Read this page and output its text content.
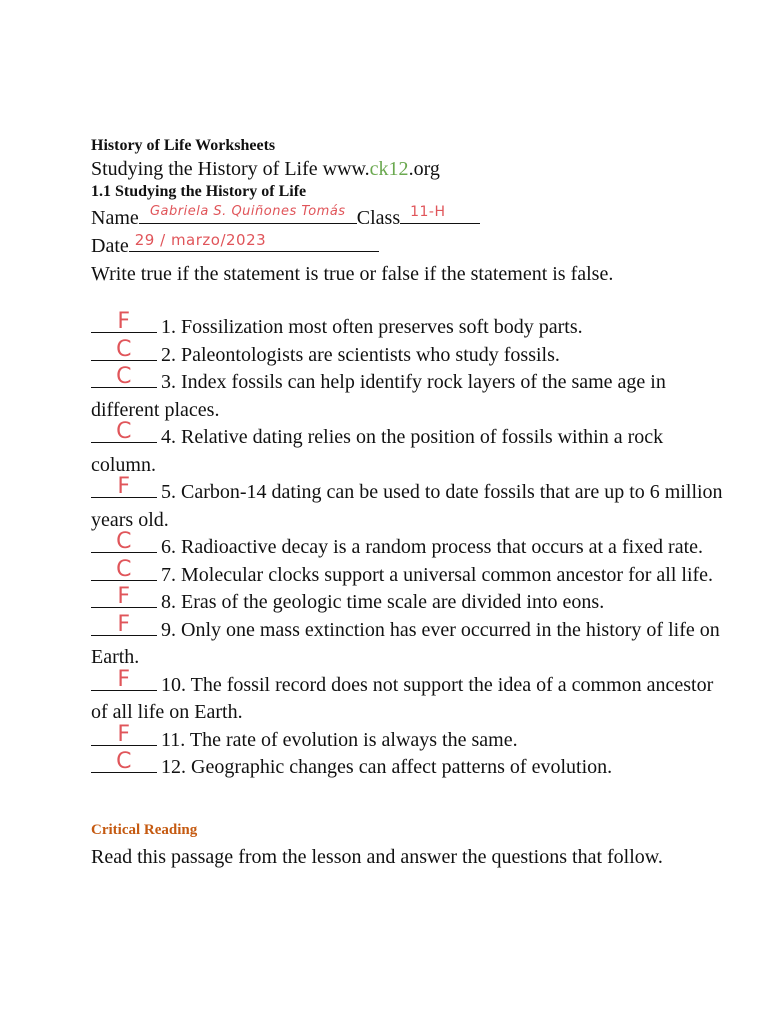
History of Life Worksheets

Studying the History of Life www.ck12.org

1.1 Studying the History of Life

Name Gabriela S. Quiñones Tomás Class 11-H

Date 29 / marzo/2023

Write true if the statement is true or false if the statement is false.

F	1. Fossilization most often preserves soft body parts.

C	2. Paleontologists are scientists who study fossils.

C	3. Index fossils can help identify rock layers of the same age in different places.

C	4. Relative dating relies on the position of fossils within a rock column.

F	5. Carbon-14 dating can be used to date fossils that are up to 6 million years old.

C	6. Radioactive decay is a random process that occurs at a fixed rate.

C	7. Molecular clocks support a universal common ancestor for all life.

F	8. Eras of the geologic time scale are divided into eons.

F	9. Only one mass extinction has ever occurred in the history of life on Earth.

F	10. The fossil record does not support the idea of a common ancestor of all life on Earth.

F	11. The rate of evolution is always the same.

C	12. Geographic changes can affect patterns of evolution.

Critical Reading

Read this passage from the lesson and answer the questions that follow.
